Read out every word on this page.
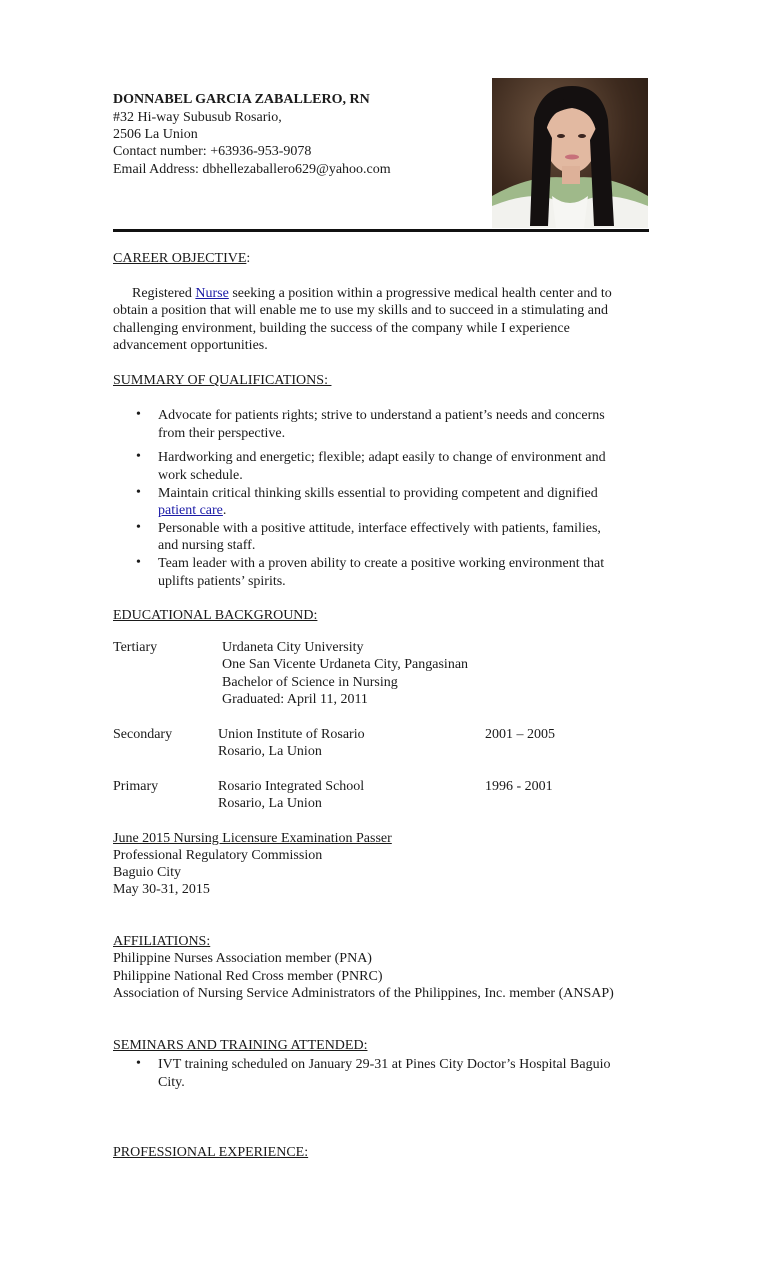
DONNABEL GARCIA ZABALLERO, RN
#32 Hi-way Subusub Rosario,
2506 La Union
Contact number: +63936-953-9078
Email Address: dbhellezaballero629@yahoo.com
CAREER OBJECTIVE:
Registered Nurse seeking a position within a progressive medical health center and to
obtain a position that will enable me to use my skills and to succeed in a stimulating and
challenging environment, building the success of the company while I experience
advancement opportunities.
SUMMARY OF QUALIFICATIONS:
• Advocate for patients rights; strive to understand a patient’s needs and concerns
from their perspective.
• Hardworking and energetic; flexible; adapt easily to change of environment and
work schedule.
• Maintain critical thinking skills essential to providing competent and dignified
patient care.
• Personable with a positive attitude, interface effectively with patients, families,
and nursing staff.
• Team leader with a proven ability to create a positive working environment that
uplifts patients’ spirits.
EDUCATIONAL BACKGROUND:
Tertiary	Urdaneta City University
One San Vicente Urdaneta City, Pangasinan
Bachelor of Science in Nursing
Graduated: April 11, 2011
Secondary	Union Institute of Rosario	2001 – 2005
Rosario, La Union
Primary	Rosario Integrated School	1996 - 2001
Rosario, La Union
June 2015 Nursing Licensure Examination Passer
Professional Regulatory Commission
Baguio City
May 30-31, 2015
AFFILIATIONS:
Philippine Nurses Association member (PNA)
Philippine National Red Cross member (PNRC)
Association of Nursing Service Administrators of the Philippines, Inc. member (ANSAP)
SEMINARS AND TRAINING ATTENDED:
• IVT training scheduled on January 29-31 at Pines City Doctor’s Hospital Baguio
City.
PROFESSIONAL EXPERIENCE:
